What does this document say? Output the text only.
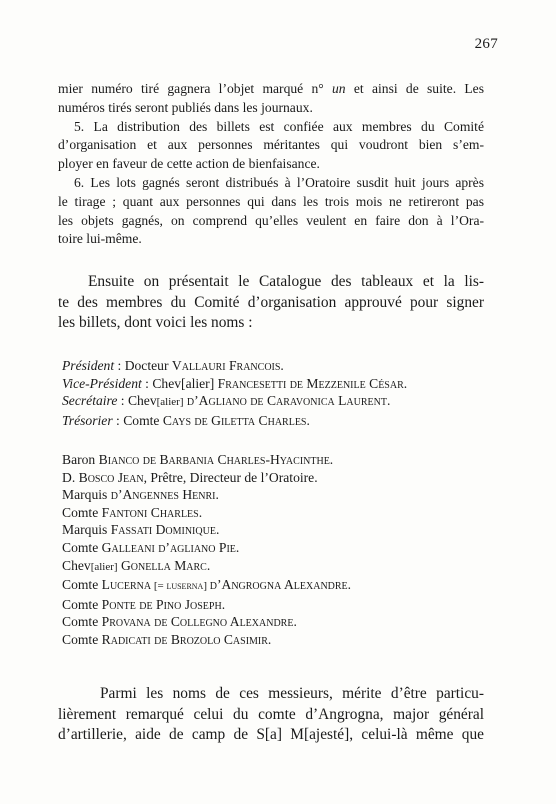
267
mier numéro tiré gagnera l’objet marqué n° un et ainsi de suite. Les
numéros tirés seront publiés dans les journaux.
5. La distribution des billets est confiée aux membres du Comité
d’organisation et aux personnes méritantes qui voudront bien s’em-
ployer en faveur de cette action de bienfaisance.
6. Les lots gagnés seront distribués à l’Oratoire susdit huit jours après
le tirage ; quant aux personnes qui dans les trois mois ne retireront pas
les objets gagnés, on comprend qu’elles veulent en faire don à l’Ora-
toire lui-même.
Ensuite on présentait le Catalogue des tableaux et la lis-
te des membres du Comité d’organisation approuvé pour signer
les billets, dont voici les noms :
Président : Docteur Vallauri Francois.
Vice-Président : Chev[alier] Francesetti de Mezzenile César.
Secrétaire : Chev[alier] d’Agliano de Caravonica Laurent.
Trésorier : Comte Cays de Giletta Charles.
Baron Bianco de Barbania Charles-Hyacinthe.
D. Bosco Jean, Prêtre, Directeur de l’Oratoire.
Marquis d’Angennes Henri.
Comte Fantoni Charles.
Marquis Fassati Dominique.
Comte Galleani d’agliano Pie.
Chev[alier] Gonella Marc.
Comte Lucerna [= luserna] d’Angrogna Alexandre.
Comte Ponte de Pino Joseph.
Comte Provana de Collegno Alexandre.
Comte Radicati de Brozolo Casimir.
Parmi les noms de ces messieurs, mérite d’être particu-
lièrement remarqué celui du comte d’Angrogna, major général
d’artillerie, aide de camp de S[a] M[ajesté], celui-là même que
